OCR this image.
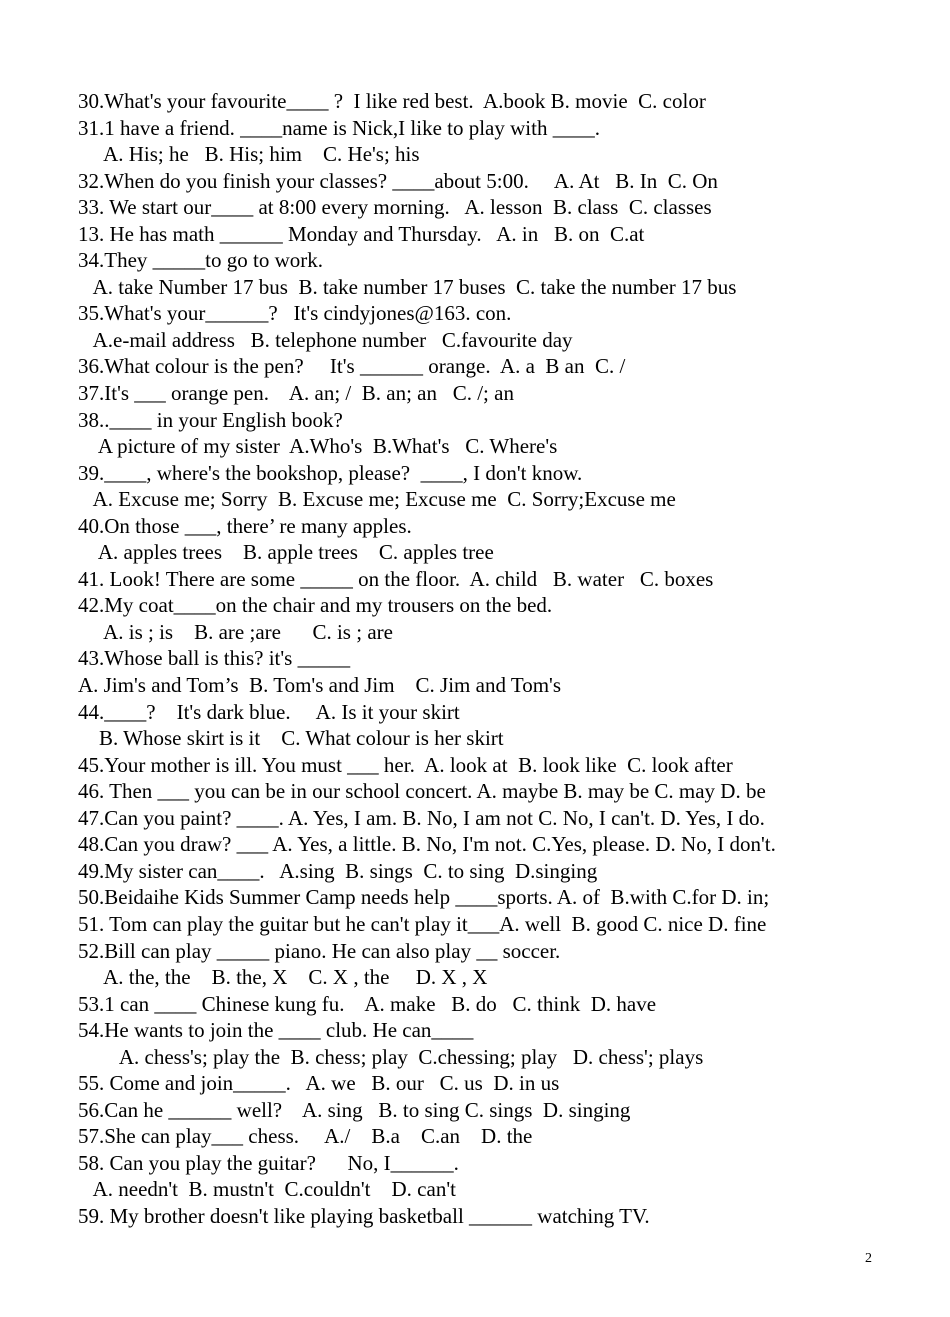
30.What's your favourite____ ?  I like red best.  A.book B. movie  C. color
31.1 have a friend. ____name is Nick,I like to play with ____.
A. His; he   B. His; him    C. He's; his
32.When do you finish your classes? ____about 5:00.     A. At   B. In  C. On
33. We start our____ at 8:00 every morning.   A. lesson  B. class  C. classes
13. He has math ______ Monday and Thursday.   A. in   B. on  C.at
34.They _____to go to work.
A. take Number 17 bus  B. take number 17 buses  C. take the number 17 bus
35.What's your______?   It's cindyjones@163. con.
A.e-mail address   B. telephone number   C.favourite day
36.What colour is the pen?     It's ______ orange.  A. a  B an  C. /
37.It's ___ orange pen.    A. an; /  B. an; an   C. /; an
38..____ in your English book?
A picture of my sister  A.Who's  B.What's   C. Where's
39.____, where's the bookshop, please?  ____, I don't know.
A. Excuse me; Sorry  B. Excuse me; Excuse me  C. Sorry;Excuse me
40.On those ___, there’ re many apples.
A. apples trees    B. apple trees    C. apples tree
41. Look! There are some _____ on the floor.  A. child   B. water   C. boxes
42.My coat____on the chair and my trousers on the bed.
A. is ; is    B. are ;are      C. is ; are
43.Whose ball is this? it's _____
A. Jim's and Tom’s  B. Tom's and Jim    C. Jim and Tom's
44.____?    It's dark blue.     A. Is it your skirt
B. Whose skirt is it    C. What colour is her skirt
45.Your mother is ill. You must ___ her.  A. look at  B. look like  C. look after
46. Then ___ you can be in our school concert. A. maybe B. may be C. may D. be
47.Can you paint? ____. A. Yes, I am. B. No, I am not C. No, I can't. D. Yes, I do.
48.Can you draw? ___ A. Yes, a little. B. No, I'm not. C.Yes, please. D. No, I don't.
49.My sister can____.   A.sing  B. sings  C. to sing  D.singing
50.Beidaihe Kids Summer Camp needs help ____sports. A. of  B.with C.for D. in;
51. Tom can play the guitar but he can't play it___A. well  B. good C. nice D. fine
52.Bill can play _____ piano. He can also play __ soccer.
A. the, the    B. the, X    C. X , the     D. X , X
53.1 can ____ Chinese kung fu.    A. make   B. do   C. think  D. have
54.He wants to join the ____ club. He can____
A. chess's; play the  B. chess; play  C.chessing; play   D. chess'; plays
55. Come and join_____.   A. we   B. our   C. us  D. in us
56.Can he ______ well?    A. sing   B. to sing C. sings  D. singing
57.She can play___ chess.     A./    B.a    C.an    D. the
58. Can you play the guitar?      No, I______.
A. needn't  B. mustn't  C.couldn't    D. can't
59. My brother doesn't like playing basketball ______ watching TV.
2
